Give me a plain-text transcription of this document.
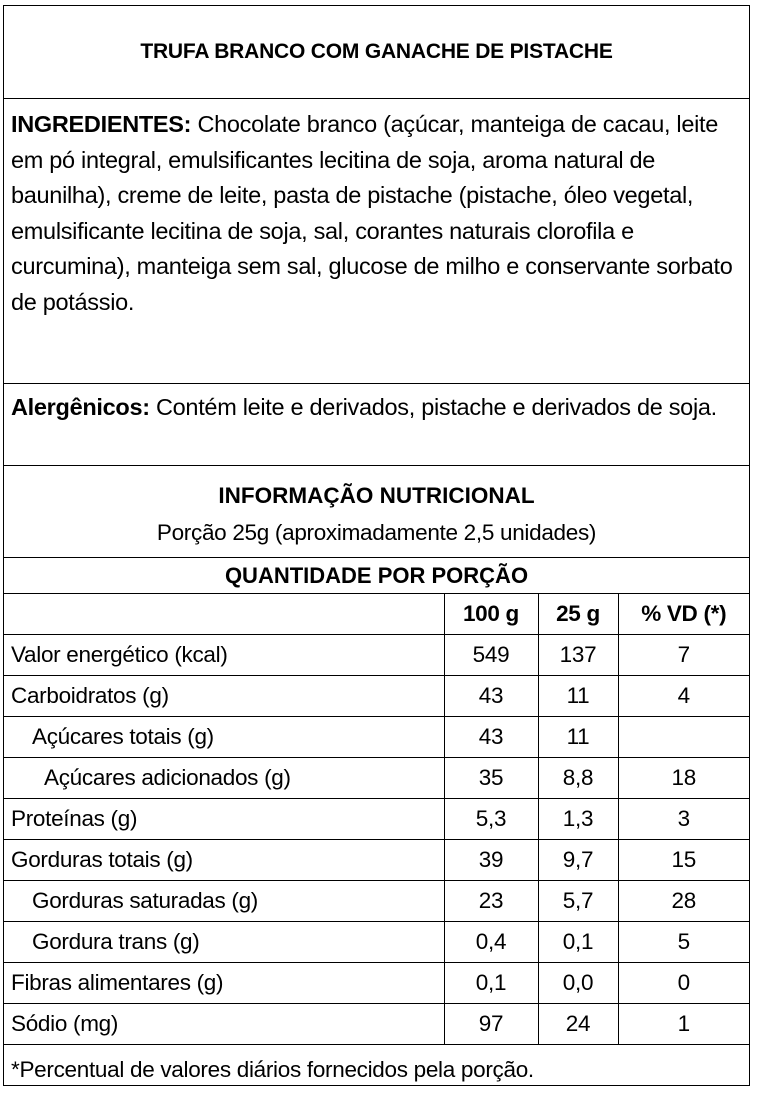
TRUFA BRANCO COM GANACHE DE PISTACHE
INGREDIENTES: Chocolate branco (açúcar, manteiga de cacau, leite em pó integral, emulsificantes lecitina de soja, aroma natural de baunilha), creme de leite, pasta de pistache (pistache, óleo vegetal, emulsificante lecitina de soja, sal, corantes naturais clorofila e curcumina), manteiga sem sal, glucose de milho e conservante sorbato de potássio.
Alergênicos: Contém leite e derivados, pistache e derivados de soja.
INFORMAÇÃO NUTRICIONAL
Porção 25g (aproximadamente 2,5 unidades)
QUANTIDADE POR PORÇÃO
	100 g	25 g	% VD (*)
Valor energético (kcal)	549	137	7
Carboidratos (g)	43	11	4
Açúcares totais (g)	43	11	
Açúcares adicionados (g)	35	8,8	18
Proteínas (g)	5,3	1,3	3
Gorduras totais (g)	39	9,7	15
Gorduras saturadas (g)	23	5,7	28
Gordura trans (g)	0,4	0,1	5
Fibras alimentares (g)	0,1	0,0	0
Sódio (mg)	97	24	1
*Percentual de valores diários fornecidos pela porção.
